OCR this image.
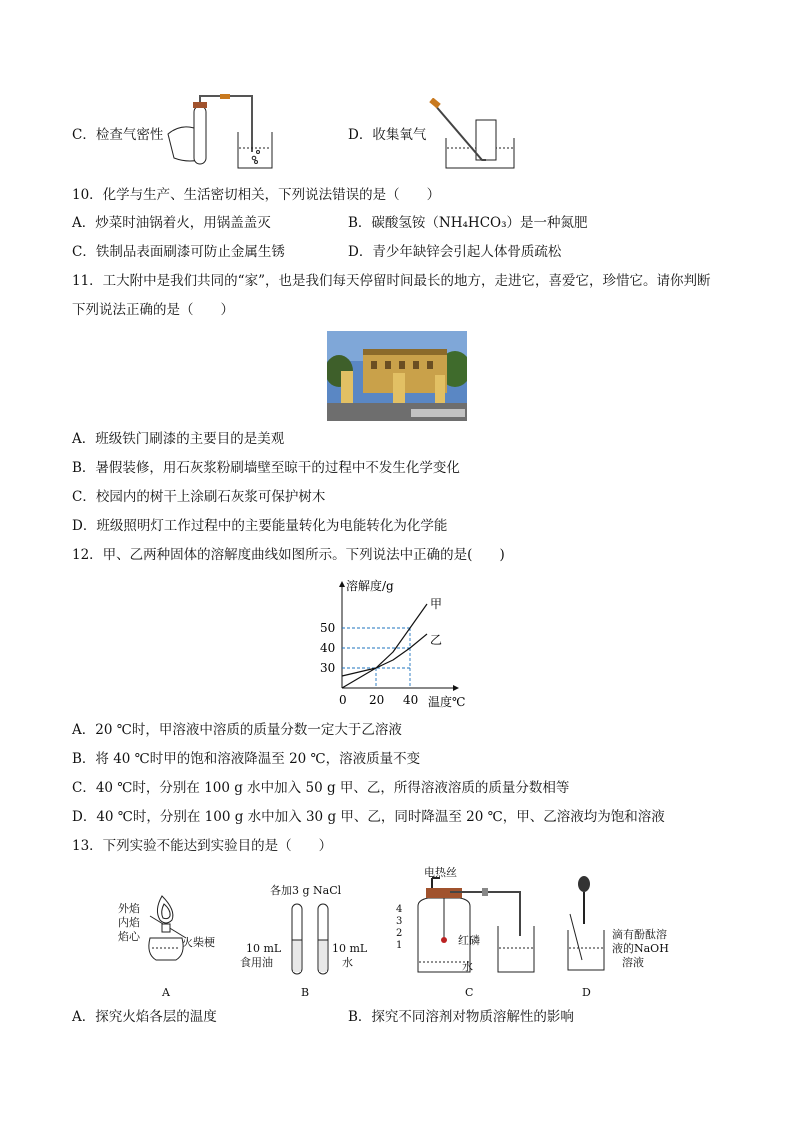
C．检查气密性	D．收集氧气
10．化学与生产、生活密切相关，下列说法错误的是（　　）
A．炒菜时油锅着火，用锅盖盖灭	B．碳酸氢铵（NH₄HCO₃）是一种氮肥
C．铁制品表面刷漆可防止金属生锈	D．青少年缺锌会引起人体骨质疏松
11．工大附中是我们共同的“家”，也是我们每天停留时间最长的地方，走进它，喜爱它，珍惜它。请你判断
下列说法正确的是（　　）
A．班级铁门刷漆的主要目的是美观
B．暑假装修，用石灰浆粉刷墙壁至晾干的过程中不发生化学变化
C．校园内的树干上涂刷石灰浆可保护树木
D．班级照明灯工作过程中的主要能量转化为电能转化为化学能
12．甲、乙两种固体的溶解度曲线如图所示。下列说法中正确的是(　　)
甲
乙
0 20 40
30
40
50
溶解度/g
温度℃
A．20 ℃时，甲溶液中溶质的质量分数一定大于乙溶液
B．将 40 ℃时甲的饱和溶液降温至 20 ℃，溶液质量不变
C．40 ℃时，分别在 100 g 水中加入 50 g 甲、乙，所得溶液溶质的质量分数相等
D．40 ℃时，分别在 100 g 水中加入 30 g 甲、乙，同时降温至 20 ℃，甲、乙溶液均为饱和溶液
13．下列实验不能达到实验目的是（　　）
外焰
内焰
焰心	火柴梗
A
各加3 g NaCl
10 mL
食用油
10 mL
水
B
电热丝
4
3
2
1	红磷
水
C
滴有酚酞溶
液的NaOH
溶液
D
A．探究火焰各层的温度	B．探究不同溶剂对物质溶解性的影响
